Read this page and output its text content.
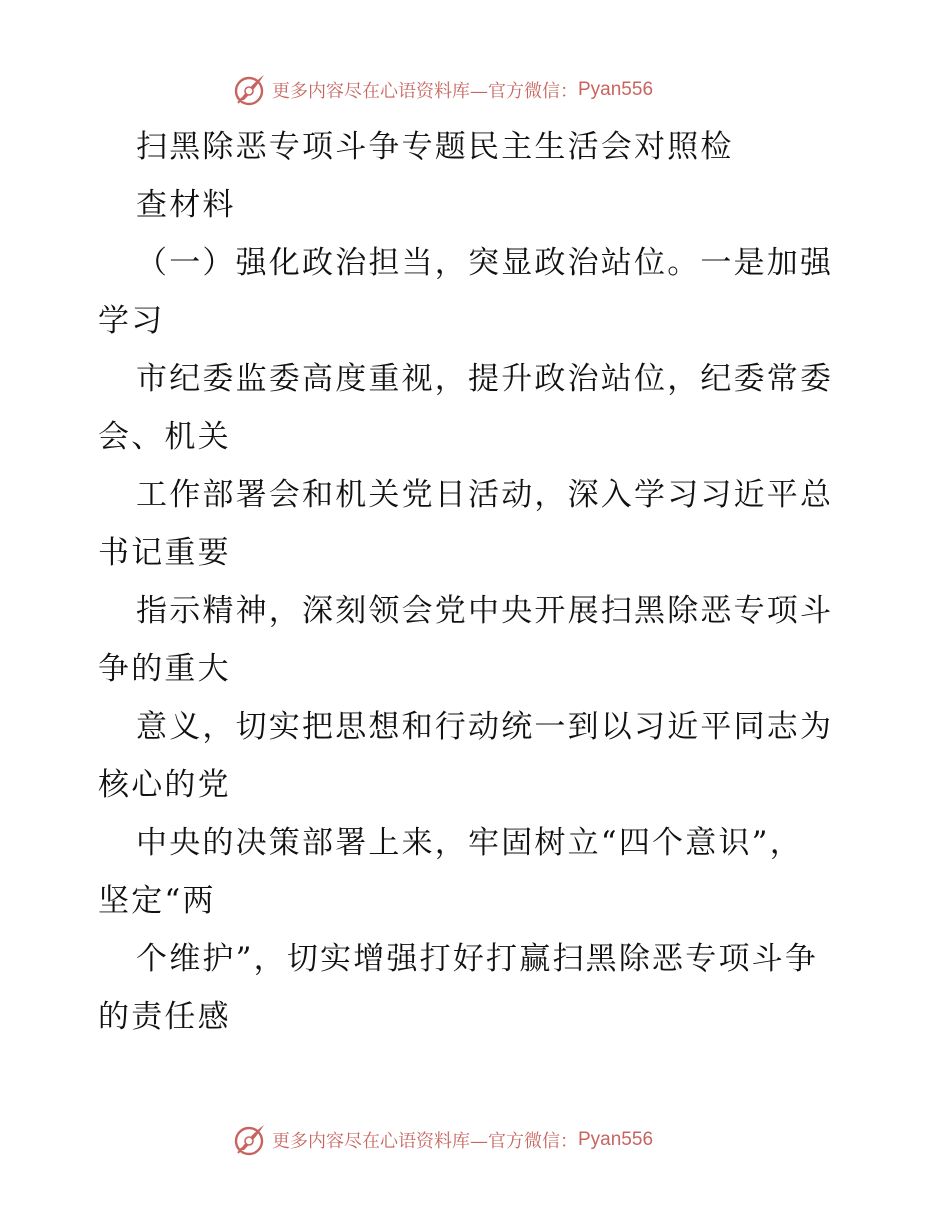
更多内容尽在心语资料库—官方微信： Pyan556
扫黑除恶专项斗争专题民主生活会对照检
查材料
（一）强化政治担当，突显政治站位。一是加强
学习
市纪委监委高度重视，提升政治站位，纪委常委
会、机关
工作部署会和机关党日活动，深入学习习近平总
书记重要
指示精神，深刻领会党中央开展扫黑除恶专项斗
争的重大
意义，切实把思想和行动统一到以习近平同志为
核心的党
中央的决策部署上来，牢固树立“四个意识”，
坚定“两
个维护”，切实增强打好打赢扫黑除恶专项斗争
的责任感
更多内容尽在心语资料库—官方微信： Pyan556
